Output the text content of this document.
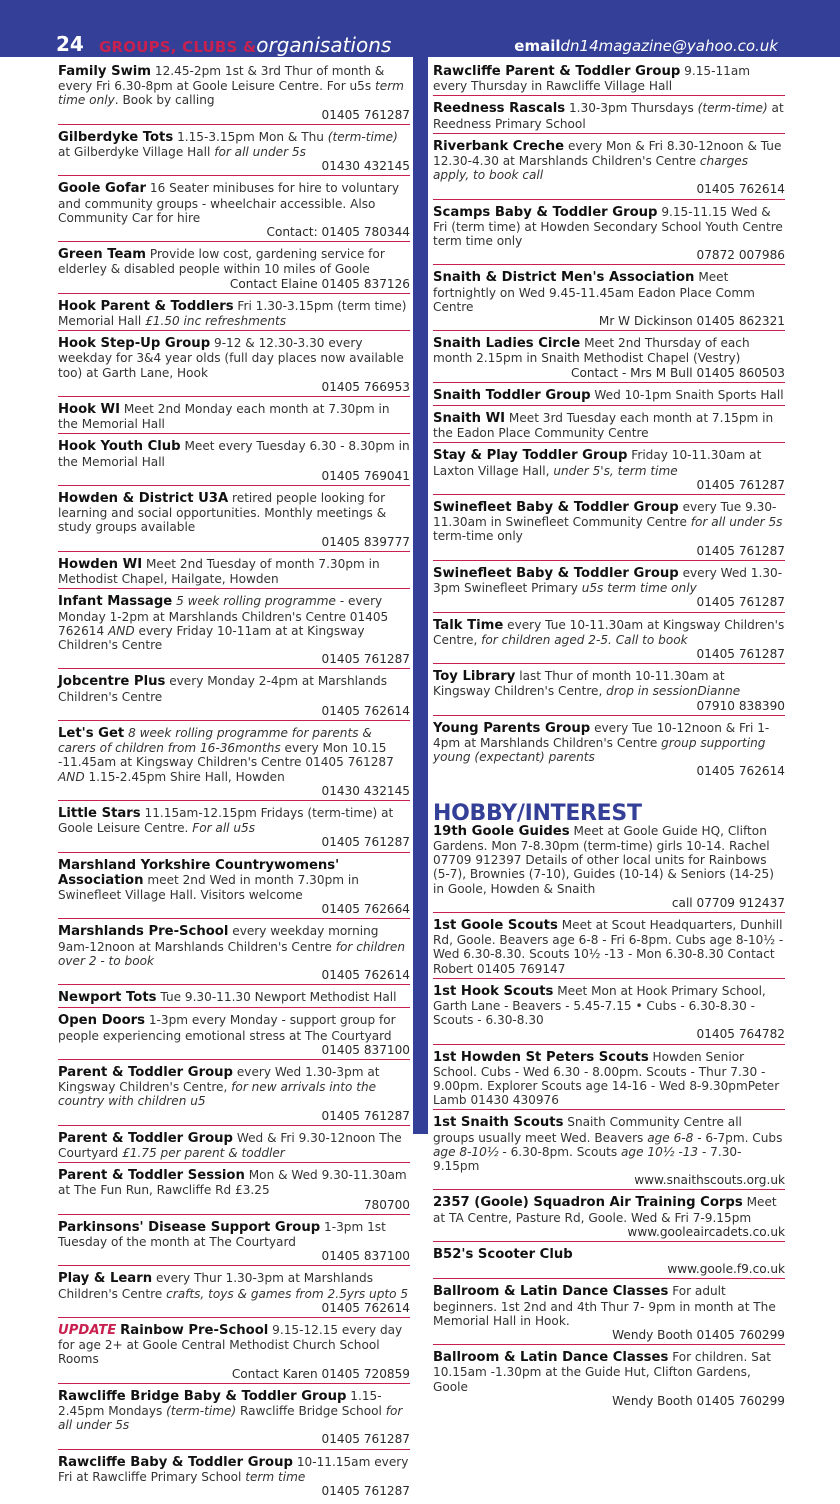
24 GROUPS, CLUBS &organisations	emaildn14magazine@yahoo.co.uk
Family Swim 12.45-2pm 1st & 3rd Thur of month & every Fri 6.30-8pm at Goole Leisure Centre. For u5s term time only. Book by calling
01405 761287
Gilberdyke Tots 1.15-3.15pm Mon & Thu (term-time) at Gilberdyke Village Hall for all under 5s
01430 432145
Goole Gofar 16 Seater minibuses for hire to voluntary and community groups - wheelchair accessible. Also Community Car for hire
Contact: 01405 780344
Green Team Provide low cost, gardening service for elderley & disabled people within 10 miles of Goole
Contact Elaine 01405 837126
Hook Parent & Toddlers Fri 1.30-3.15pm (term time) Memorial Hall £1.50 inc refreshments
Hook Step-Up Group 9-12 & 12.30-3.30 every weekday for 3&4 year olds (full day places now available too) at Garth Lane, Hook
01405 766953
Hook WI Meet 2nd Monday each month at 7.30pm in the Memorial Hall
Hook Youth Club Meet every Tuesday 6.30 - 8.30pm in the Memorial Hall
01405 769041
Howden & District U3A retired people looking for learning and social opportunities. Monthly meetings & study groups available
01405 839777
Howden WI Meet 2nd Tuesday of month 7.30pm in Methodist Chapel, Hailgate, Howden
Infant Massage 5 week rolling programme - every Monday 1-2pm at Marshlands Children's Centre 01405 762614 AND every Friday 10-11am at at Kingsway Children's Centre
01405 761287
Jobcentre Plus every Monday 2-4pm at Marshlands Children's Centre
01405 762614
Let's Get 8 week rolling programme for parents & carers of children from 16-36months every Mon 10.15 -11.45am at Kingsway Children's Centre 01405 761287 AND 1.15-2.45pm Shire Hall, Howden
01430 432145
Little Stars 11.15am-12.15pm Fridays (term-time) at Goole Leisure Centre. For all u5s
01405 761287
Marshland Yorkshire Countrywomens' Association meet 2nd Wed in month 7.30pm in Swinefleet Village Hall. Visitors welcome
01405 762664
Marshlands Pre-School every weekday morning 9am-12noon at Marshlands Children's Centre for children over 2 - to book
01405 762614
Newport Tots Tue 9.30-11.30 Newport Methodist Hall
Open Doors 1-3pm every Monday - support group for people experiencing emotional stress at The Courtyard
01405 837100
Parent & Toddler Group every Wed 1.30-3pm at Kingsway Children's Centre, for new arrivals into the country with children u5
01405 761287
Parent & Toddler Group Wed & Fri 9.30-12noon The Courtyard £1.75 per parent & toddler
Parent & Toddler Session Mon & Wed 9.30-11.30am at The Fun Run, Rawcliffe Rd £3.25
780700
Parkinsons' Disease Support Group 1-3pm 1st Tuesday of the month at The Courtyard
01405 837100
Play & Learn every Thur 1.30-3pm at Marshlands Children's Centre crafts, toys & games from 2.5yrs upto 5
01405 762614
UPDATE Rainbow Pre-School 9.15-12.15 every day for age 2+ at Goole Central Methodist Church School Rooms
Contact Karen 01405 720859
Rawcliffe Bridge Baby & Toddler Group 1.15-2.45pm Mondays (term-time) Rawcliffe Bridge School for all under 5s
01405 761287
Rawcliffe Baby & Toddler Group 10-11.15am every Fri at Rawcliffe Primary School term time
01405 761287
Rawcliffe Parent & Toddler Group 9.15-11am every Thursday in Rawcliffe Village Hall
Reedness Rascals 1.30-3pm Thursdays (term-time) at Reedness Primary School
Riverbank Creche every Mon & Fri 8.30-12noon & Tue 12.30-4.30 at Marshlands Children's Centre charges apply, to book call
01405 762614
Scamps Baby & Toddler Group 9.15-11.15 Wed & Fri (term time) at Howden Secondary School Youth Centre term time only
07872 007986
Snaith & District Men's Association Meet fortnightly on Wed 9.45-11.45am Eadon Place Comm Centre
Mr W Dickinson 01405 862321
Snaith Ladies Circle Meet 2nd Thursday of each month 2.15pm in Snaith Methodist Chapel (Vestry)
Contact - Mrs M Bull 01405 860503
Snaith Toddler Group Wed 10-1pm Snaith Sports Hall
Snaith WI Meet 3rd Tuesday each month at 7.15pm in the Eadon Place Community Centre
Stay & Play Toddler Group Friday 10-11.30am at Laxton Village Hall, under 5's, term time
01405 761287
Swinefleet Baby & Toddler Group every Tue 9.30-11.30am in Swinefleet Community Centre for all under 5s term-time only
01405 761287
Swinefleet Baby & Toddler Group every Wed 1.30-3pm Swinefleet Primary u5s term time only
01405 761287
Talk Time every Tue 10-11.30am at Kingsway Children's Centre, for children aged 2-5. Call to book
01405 761287
Toy Library last Thur of month 10-11.30am at Kingsway Children's Centre, drop in sessionDianne
07910 838390
Young Parents Group every Tue 10-12noon & Fri 1-4pm at Marshlands Children's Centre group supporting young (expectant) parents
01405 762614
HOBBY/INTEREST
19th Goole Guides Meet at Goole Guide HQ, Clifton Gardens. Mon 7-8.30pm (term-time) girls 10-14. Rachel 07709 912397 Details of other local units for Rainbows (5-7), Brownies (7-10), Guides (10-14) & Seniors (14-25) in Goole, Howden & Snaith
call 07709 912437
1st Goole Scouts Meet at Scout Headquarters, Dunhill Rd, Goole. Beavers age 6-8 - Fri 6-8pm. Cubs age 8-10½ - Wed 6.30-8.30. Scouts 10½ -13 - Mon 6.30-8.30 Contact Robert 01405 769147
1st Hook Scouts Meet Mon at Hook Primary School, Garth Lane - Beavers - 5.45-7.15 • Cubs - 6.30-8.30 - Scouts - 6.30-8.30
01405 764782
1st Howden St Peters Scouts Howden Senior School. Cubs - Wed 6.30 - 8.00pm. Scouts - Thur 7.30 - 9.00pm. Explorer Scouts age 14-16 - Wed 8-9.30pmPeter Lamb 01430 430976
1st Snaith Scouts Snaith Community Centre all groups usually meet Wed. Beavers age 6-8 - 6-7pm. Cubs age 8-10½ - 6.30-8pm. Scouts age 10½ -13 - 7.30-9.15pm
www.snaithscouts.org.uk
2357 (Goole) Squadron Air Training Corps Meet at TA Centre, Pasture Rd, Goole. Wed & Fri 7-9.15pm
www.gooleaircadets.co.uk
B52's Scooter Club
www.goole.f9.co.uk
Ballroom & Latin Dance Classes For adult beginners. 1st 2nd and 4th Thur 7- 9pm in month at The Memorial Hall in Hook.
Wendy Booth 01405 760299
Ballroom & Latin Dance Classes For children. Sat 10.15am -1.30pm at the Guide Hut, Clifton Gardens, Goole
Wendy Booth 01405 760299
